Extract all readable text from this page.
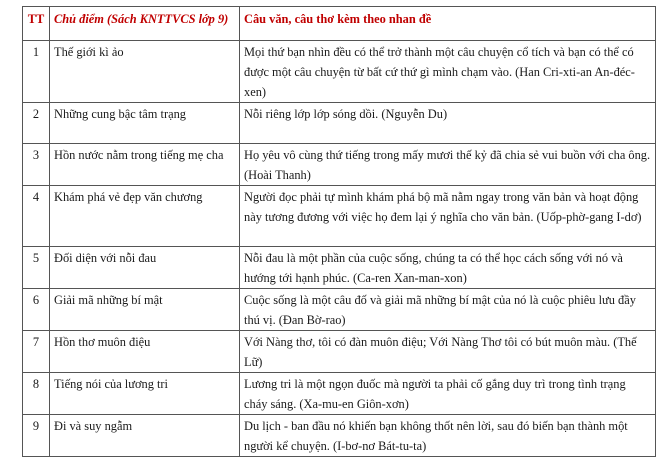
TT	Chủ điểm (Sách KNTTVCS lớp 9)	Câu văn, câu thơ kèm theo nhan đề

1	Thế giới kì ảo	Mọi thứ bạn nhìn đều có thể trở thành một câu chuyện cổ tích và bạn có thể có được một câu chuyện từ bất cứ thứ gì mình chạm vào. (Han Cri-xti-an An-đéc-xen)

2	Những cung bậc tâm trạng	Nỗi riêng lớp lớp sóng dồi. (Nguyễn Du)

3	Hồn nước nằm trong tiếng mẹ cha	Họ yêu vô cùng thứ tiếng trong mấy mươi thế kỷ đã chia sẻ vui buồn với cha ông. (Hoài Thanh)

4	Khám phá vẻ đẹp văn chương	Người đọc phải tự mình khám phá bộ mã nằm ngay trong văn bản và hoạt động này tương đương với việc họ đem lại ý nghĩa cho văn bản. (Uốp-phờ-gang I-dơ)

5	Đối diện với nỗi đau	Nỗi đau là một phần của cuộc sống, chúng ta có thể học cách sống với nó và hướng tới hạnh phúc. (Ca-ren Xan-man-xon)

6	Giải mã những bí mật	Cuộc sống là một câu đố và giải mã những bí mật của nó là cuộc phiêu lưu đầy thú vị. (Đan Bờ-rao)

7	Hồn thơ muôn điệu	Với Nàng thơ, tôi có đàn muôn điệu; Với Nàng Thơ tôi có bút muôn màu. (Thế Lữ)

8	Tiếng nói của lương tri	Lương tri là một ngọn đuốc mà người ta phải cố gắng duy trì trong tình trạng cháy sáng. (Xa-mu-en Giôn-xơn)

9	Đi và suy ngẫm	Du lịch - ban đầu nó khiến bạn không thốt nên lời, sau đó biến bạn thành một người kể chuyện. (I-bơ-nơ Bát-tu-ta)
